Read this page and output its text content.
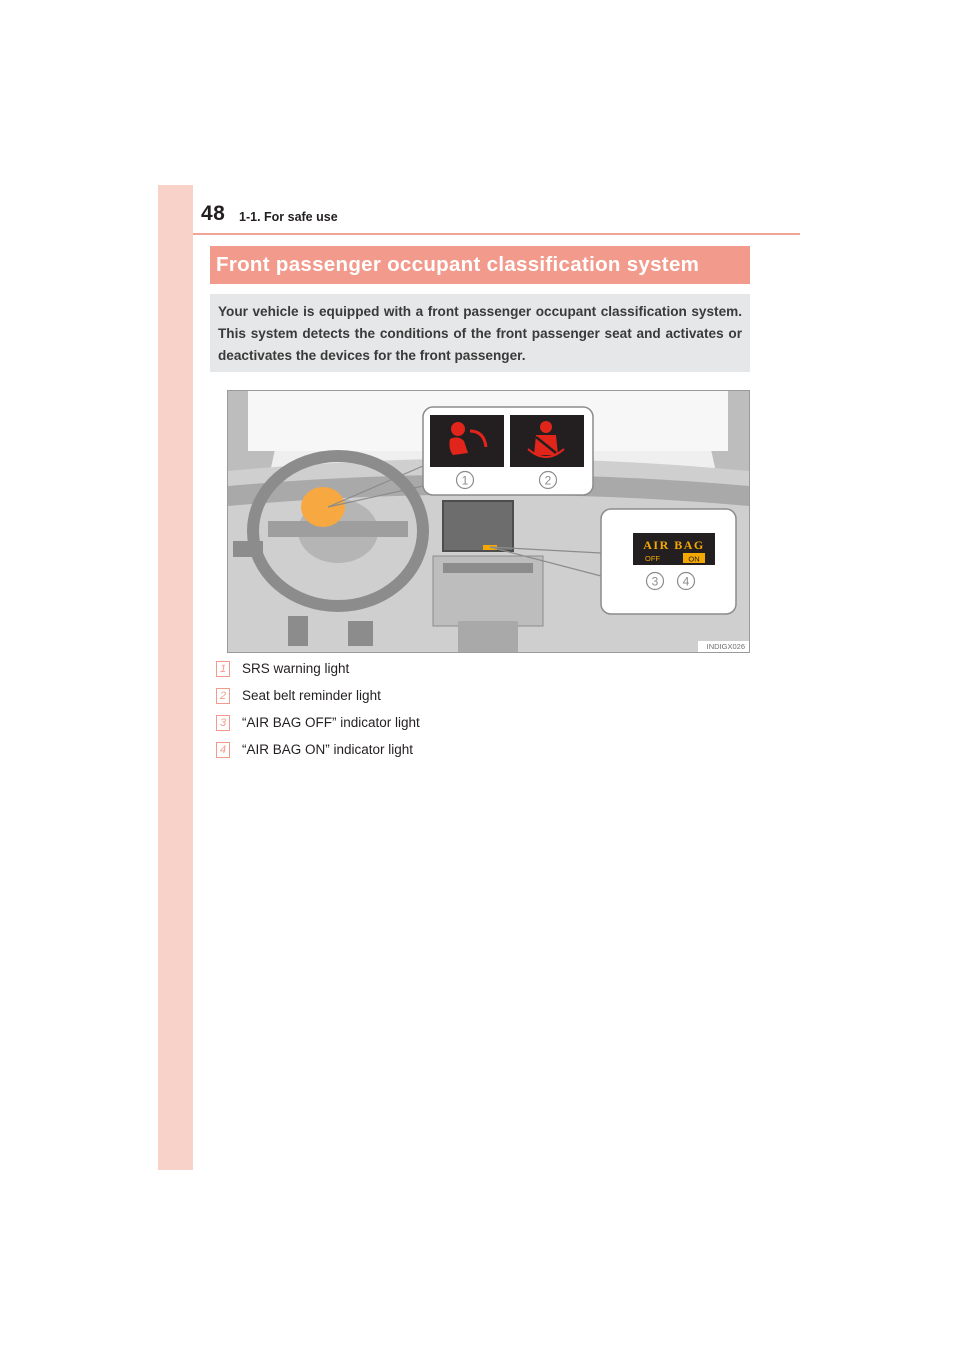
48 1-1. For safe use
Front passenger occupant classification system

Your vehicle is equipped with a front passenger occupant classification system. This system detects the conditions of the front passenger seat and activates or deactivates the devices for the front passenger.

1	2
AIR BAG
OFF	ON
3 4
INDIGX026
1 SRS warning light
2 Seat belt reminder light
3 “AIR BAG OFF” indicator light
4 “AIR BAG ON” indicator light
